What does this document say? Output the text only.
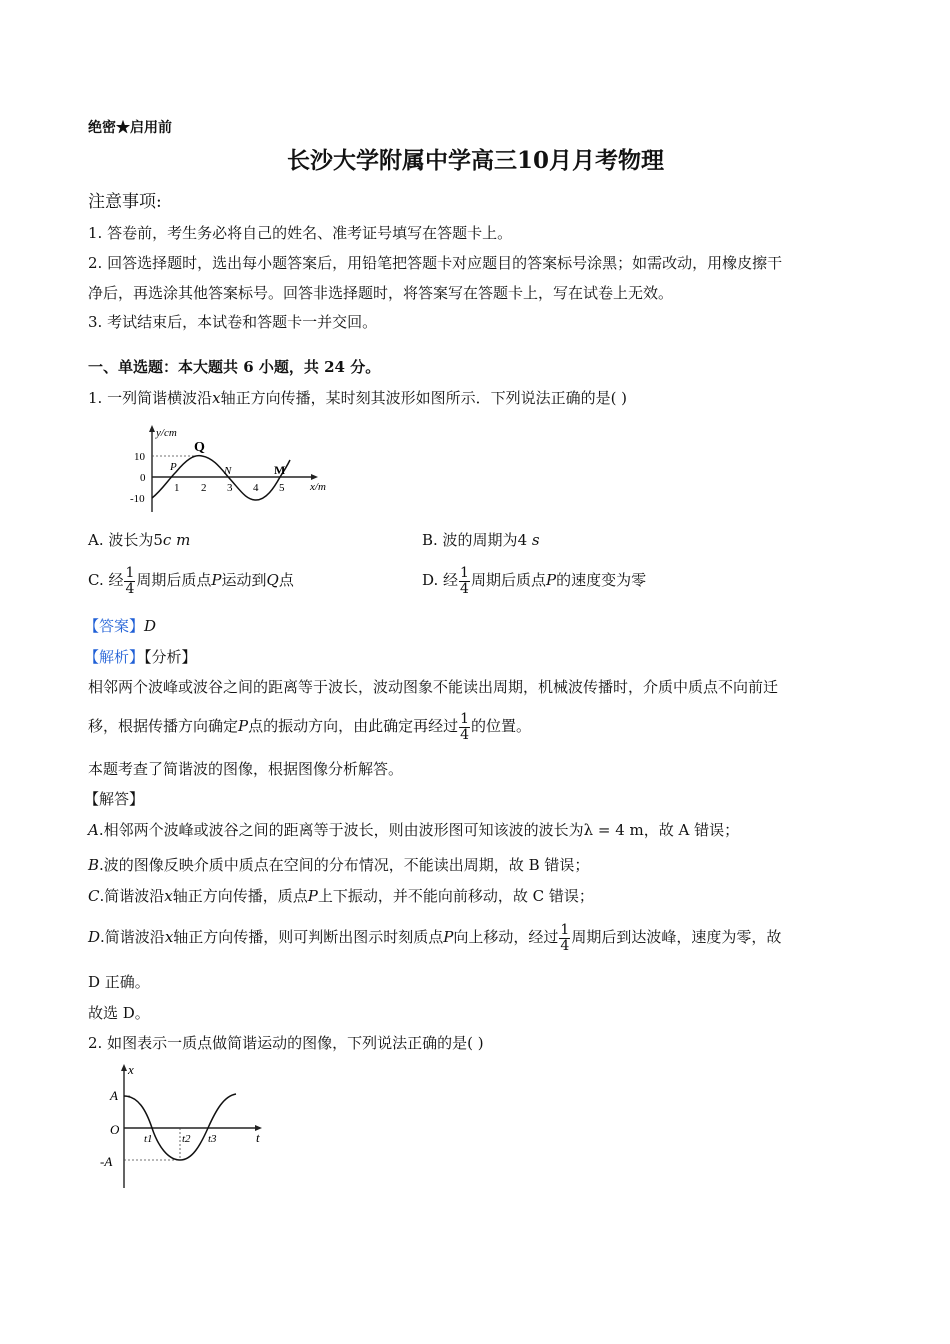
绝密★启用前
长沙大学附属中学高三10月月考物理
注意事项:
1. 答卷前，考生务必将自己的姓名、准考证号填写在答题卡上。
2. 回答选择题时，选出每小题答案后，用铅笔把答题卡对应题目的答案标号涂黑；如需改动，用橡皮擦干
净后，再选涂其他答案标号。回答非选择题时，将答案写在答题卡上，写在试卷上无效。
3. 考试结束后，本试卷和答题卡一并交回。
一、单选题：本大题共 6 小题，共 24 分。
1. 一列简谐横波沿x轴正方向传播，某时刻其波形如图所示．下列说法正确的是( )
y/cm
x/m
10
0
-10
1 2 3 4 5
P
Q
N	M
A. 波长为5c m	B. 波的周期为4 s
C. 经 $\frac{1}{4}$ 周期后质点P运动到Q点	D. 经 $\frac{1}{4}$ 周期后质点P的速度变为零
【答案】D
【解析】【分析】
相邻两个波峰或波谷之间的距离等于波长，波动图象不能读出周期，机械波传播时，介质中质点不向前迁
移，根据传播方向确定P点的振动方向，由此确定再经过 $\frac{1}{4}$ 的位置。
本题考查了简谐波的图像，根据图像分析解答。
【解答】
A.相邻两个波峰或波谷之间的距离等于波长，则由波形图可知该波的波长为λ = 4 m，故 A 错误；
B.波的图像反映介质中质点在空间的分布情况，不能读出周期，故 B 错误；
C.简谐波沿x轴正方向传播，质点P上下振动，并不能向前移动，故 C 错误；
D.简谐波沿x轴正方向传播，则可判断出图示时刻质点P向上移动，经过 $\frac{1}{4}$ 周期后到达波峰，速度为零，故
D 正确。
故选 D。
2. 如图表示一质点做简谐运动的图像，下列说法正确的是( )
x
t
A
O
-A
t1	t2 t3
